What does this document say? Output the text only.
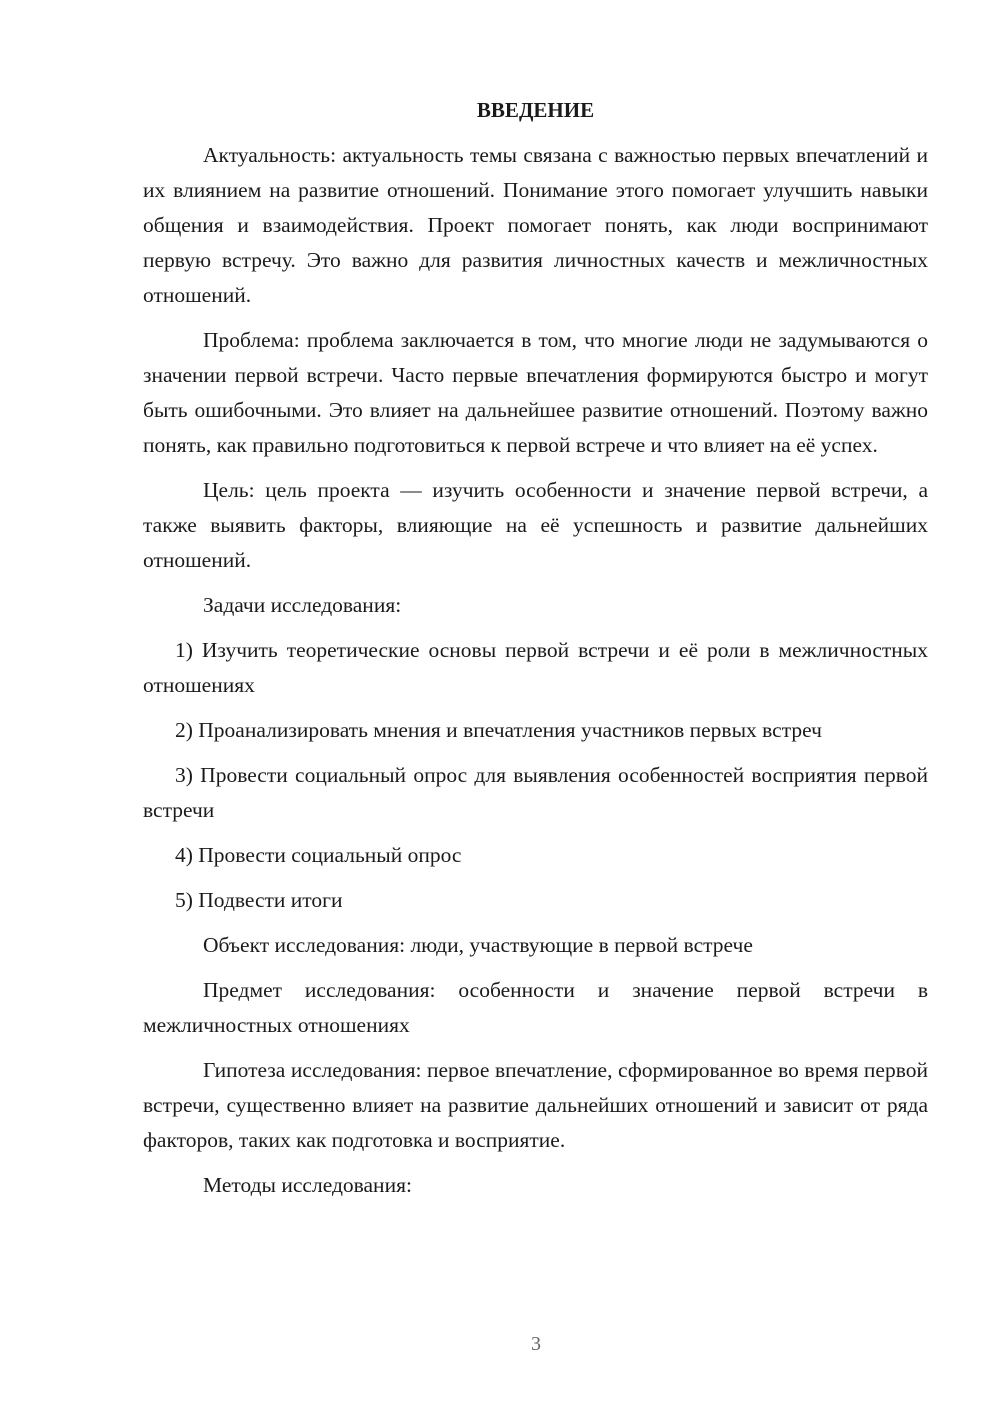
ВВЕДЕНИЕ

Актуальность: актуальность темы связана с важностью первых впечатлений и их влиянием на развитие отношений. Понимание этого помогает улучшить навыки общения и взаимодействия. Проект помогает понять, как люди воспринимают первую встречу. Это важно для развития личностных качеств и межличностных отношений.

Проблема: проблема заключается в том, что многие люди не задумываются о значении первой встречи. Часто первые впечатления формируются быстро и могут быть ошибочными. Это влияет на дальнейшее развитие отношений. Поэтому важно понять, как правильно подготовиться к первой встрече и что влияет на её успех.

Цель: цель проекта — изучить особенности и значение первой встречи, а также выявить факторы, влияющие на её успешность и развитие дальнейших отношений.

Задачи исследования:

1) Изучить теоретические основы первой встречи и её роли в межличностных отношениях

2) Проанализировать мнения и впечатления участников первых встреч

3) Провести социальный опрос для выявления особенностей восприятия первой встречи

4) Провести социальный опрос

5) Подвести итоги

Объект исследования: люди, участвующие в первой встрече

Предмет исследования: особенности и значение первой встречи в межличностных отношениях

Гипотеза исследования: первое впечатление, сформированное во время первой встречи, существенно влияет на развитие дальнейших отношений и зависит от ряда факторов, таких как подготовка и восприятие.

Методы исследования:

3
